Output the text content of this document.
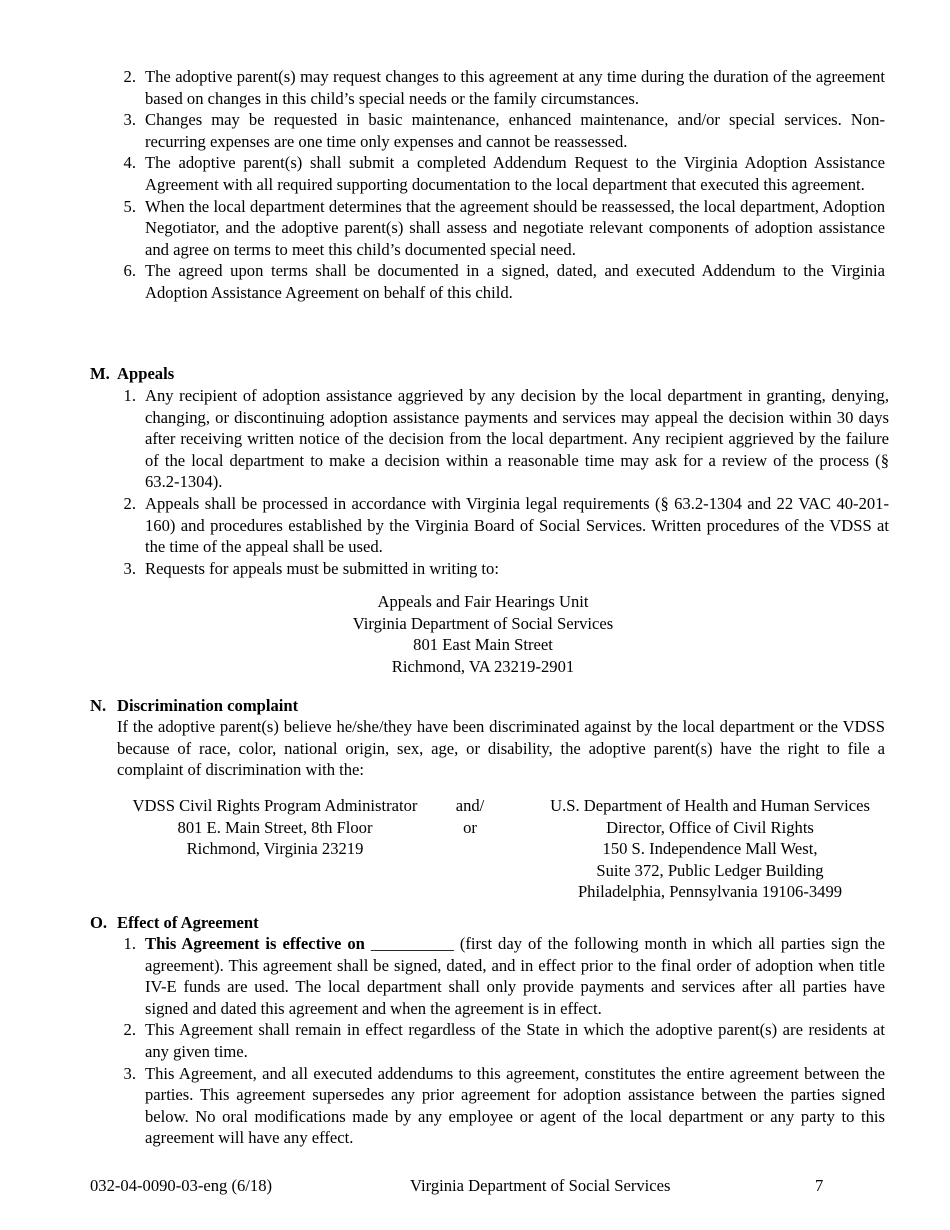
2. The adoptive parent(s) may request changes to this agreement at any time during the duration of the agreement based on changes in this child’s special needs or the family circumstances.
3. Changes may be requested in basic maintenance, enhanced maintenance, and/or special services. Non-recurring expenses are one time only expenses and cannot be reassessed.
4. The adoptive parent(s) shall submit a completed Addendum Request to the Virginia Adoption Assistance Agreement with all required supporting documentation to the local department that executed this agreement.
5. When the local department determines that the agreement should be reassessed, the local department, Adoption Negotiator, and the adoptive parent(s) shall assess and negotiate relevant components of adoption assistance and agree on terms to meet this child’s documented special need.
6. The agreed upon terms shall be documented in a signed, dated, and executed Addendum to the Virginia Adoption Assistance Agreement on behalf of this child.
M. Appeals
1. Any recipient of adoption assistance aggrieved by any decision by the local department in granting, denying, changing, or discontinuing adoption assistance payments and services may appeal the decision within 30 days after receiving written notice of the decision from the local department. Any recipient aggrieved by the failure of the local department to make a decision within a reasonable time may ask for a review of the process (§ 63.2-1304).
2. Appeals shall be processed in accordance with Virginia legal requirements (§ 63.2-1304 and 22 VAC 40-201-160) and procedures established by the Virginia Board of Social Services. Written procedures of the VDSS at the time of the appeal shall be used.
3. Requests for appeals must be submitted in writing to:
Appeals and Fair Hearings Unit
Virginia Department of Social Services
801 East Main Street
Richmond, VA 23219-2901
N. Discrimination complaint
If the adoptive parent(s) believe he/she/they have been discriminated against by the local department or the VDSS because of race, color, national origin, sex, age, or disability, the adoptive parent(s) have the right to file a complaint of discrimination with the:
VDSS Civil Rights Program Administrator
801 E. Main Street, 8th Floor
Richmond, Virginia 23219
and/
or
U.S. Department of Health and Human Services
Director, Office of Civil Rights
150 S. Independence Mall West,
Suite 372, Public Ledger Building
Philadelphia, Pennsylvania 19106-3499
O. Effect of Agreement
1. This Agreement is effective on __________ (first day of the following month in which all parties sign the agreement). This agreement shall be signed, dated, and in effect prior to the final order of adoption when title IV-E funds are used. The local department shall only provide payments and services after all parties have signed and dated this agreement and when the agreement is in effect.
2. This Agreement shall remain in effect regardless of the State in which the adoptive parent(s) are residents at any given time.
3. This Agreement, and all executed addendums to this agreement, constitutes the entire agreement between the parties. This agreement supersedes any prior agreement for adoption assistance between the parties signed below. No oral modifications made by any employee or agent of the local department or any party to this agreement will have any effect.
032-04-0090-03-eng (6/18)	Virginia Department of Social Services	7
